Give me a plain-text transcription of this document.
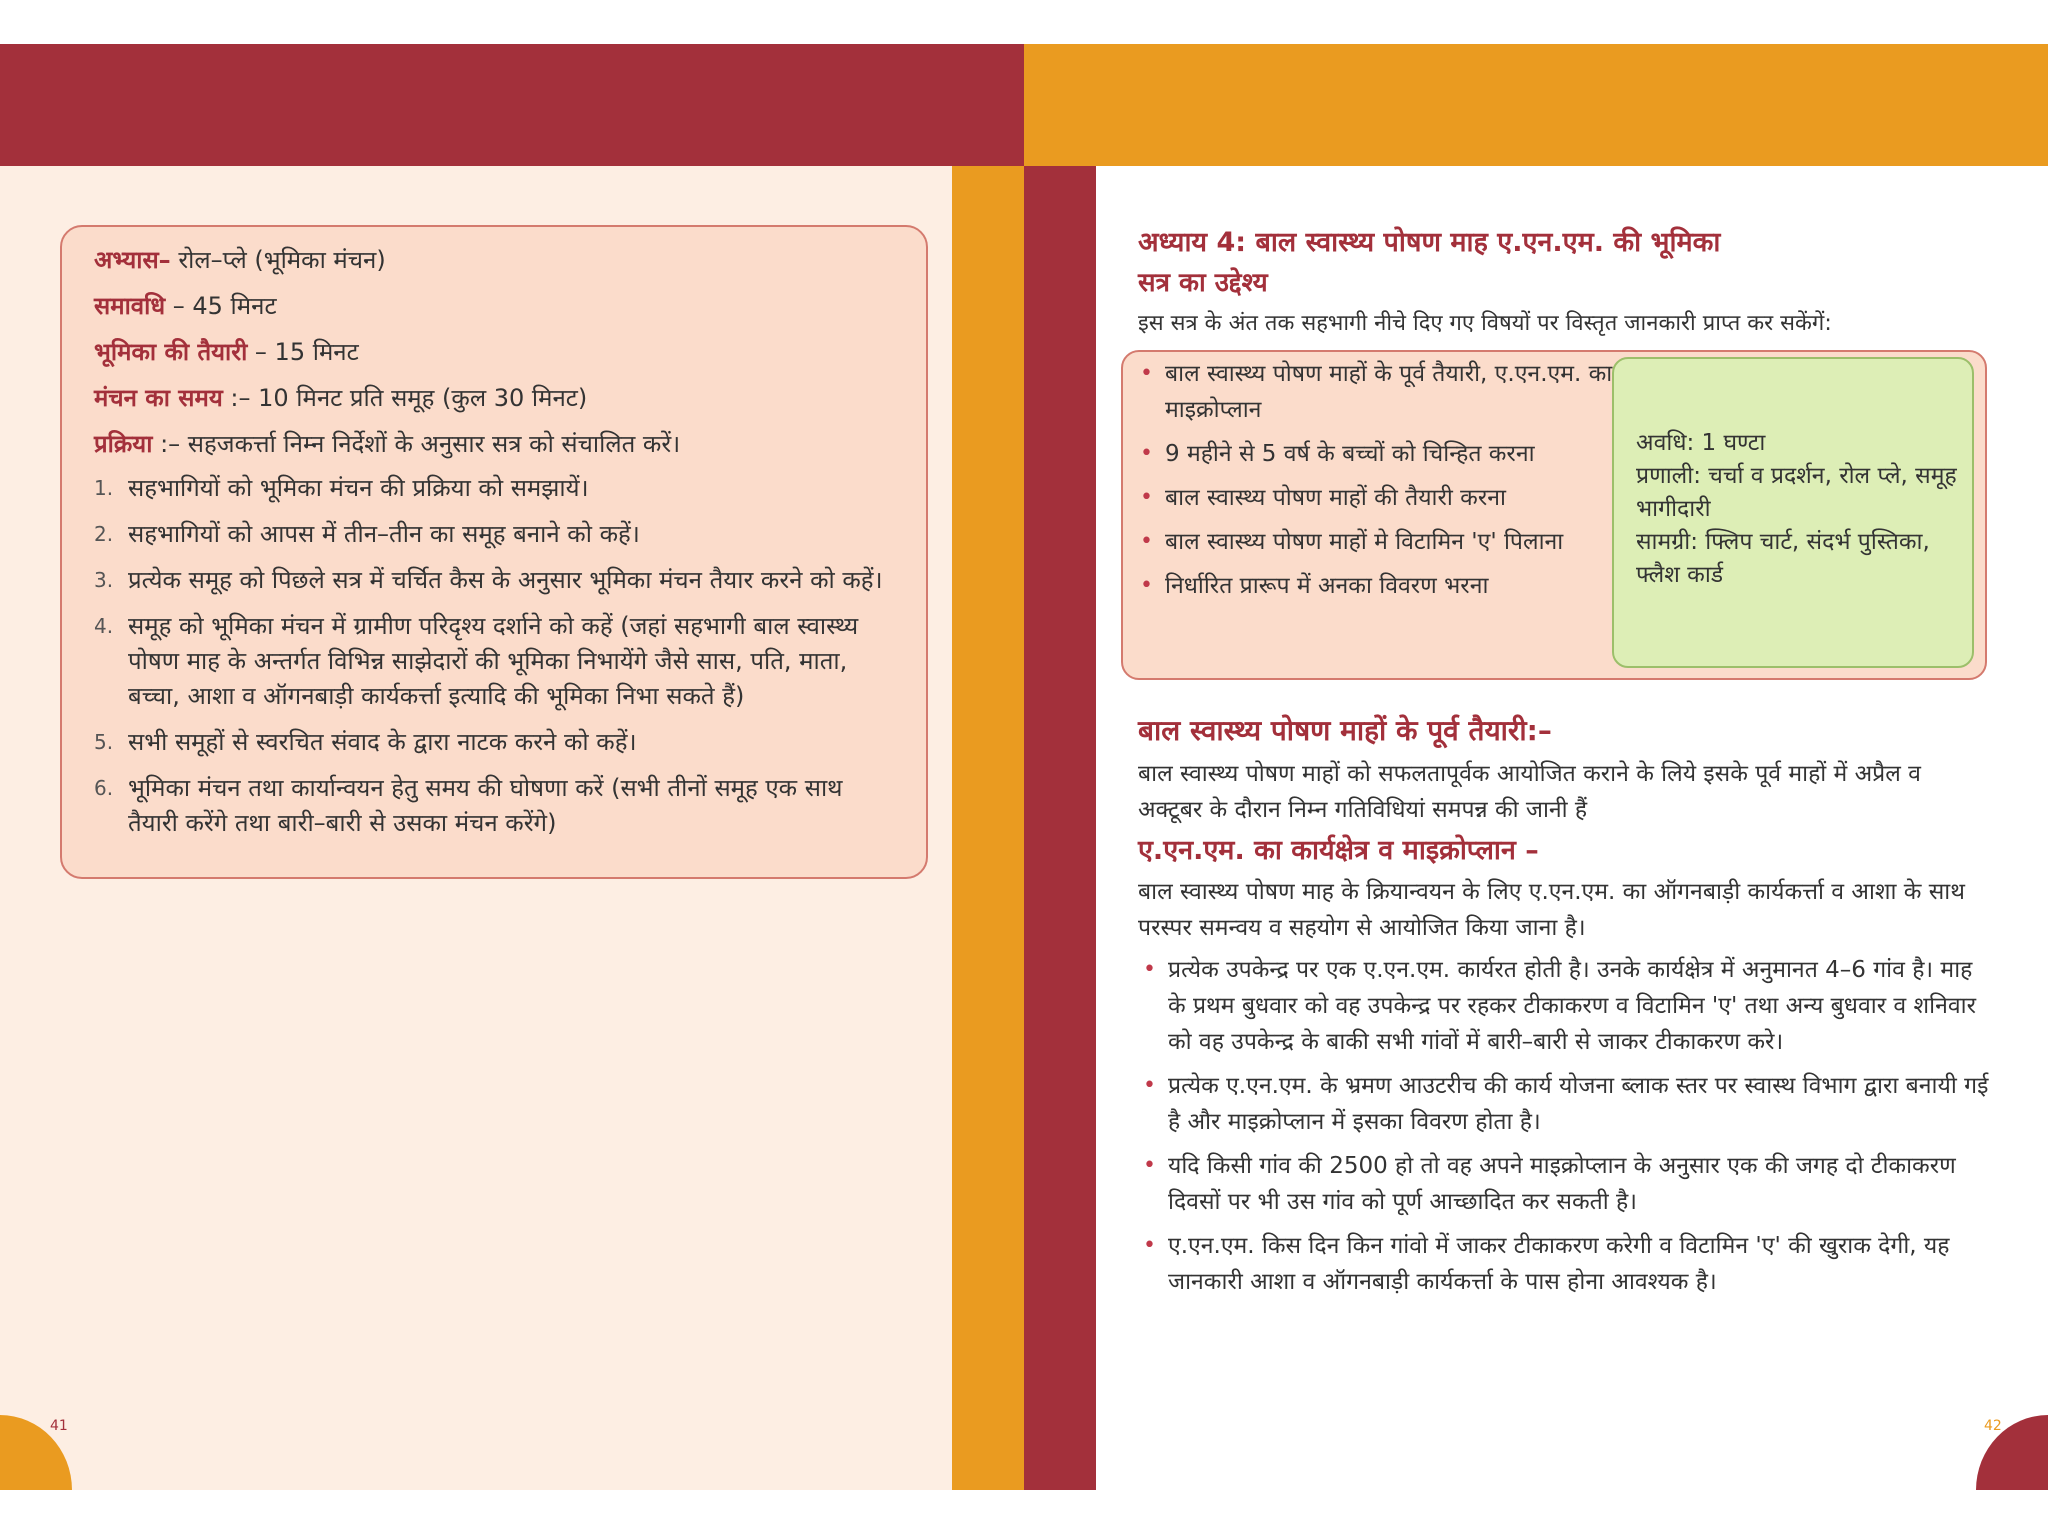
41	42
अभ्यास– रोल–प्ले (भूमिका मंचन)
समावधि – 45 मिनट
भूमिका की तैयारी – 15 मिनट
मंचन का समय :– 10 मिनट प्रति समूह (कुल 30 मिनट)
प्रक्रिया :– सहजकर्त्ता निम्न निर्देशों के अनुसार सत्र को संचालित करें।
1. सहभागियों को भूमिका मंचन की प्रक्रिया को समझायें।
2. सहभागियों को आपस में तीन–तीन का समूह बनाने को कहें।
3. प्रत्येक समूह को पिछले सत्र में चर्चित कैस के अनुसार भूमिका मंचन तैयार करने को कहें।
4. समूह को भूमिका मंचन में ग्रामीण परिदृश्य दर्शाने को कहें (जहां सहभागी बाल स्वास्थ्य पोषण माह के अन्तर्गत विभिन्न साझेदारों की भूमिका निभायेंगे जैसे सास, पति, माता, बच्चा, आशा व ऑगनबाड़ी कार्यकर्त्ता इत्यादि की भूमिका निभा सकते हैं)
5. सभी समूहों से स्वरचित संवाद के द्वारा नाटक करने को कहें।
6. भूमिका मंचन तथा कार्यान्वयन हेतु समय की घोषणा करें (सभी तीनों समूह एक साथ तैयारी करेंगे तथा बारी–बारी से उसका मंचन करेंगे)
अध्याय 4: बाल स्वास्थ्य पोषण माह ए.एन.एम. की भूमिका
सत्र का उद्देश्य
इस सत्र के अंत तक सहभागी नीचे दिए गए विषयों पर विस्तृत जानकारी प्राप्त कर सकेंगें:
• बाल स्वास्थ्य पोषण माहों के पूर्व तैयारी, ए.एन.एम. का माइक्रोप्लान
• 9 महीने से 5 वर्ष के बच्चों को चिन्हित करना
• बाल स्वास्थ्य पोषण माहों की तैयारी करना
• बाल स्वास्थ्य पोषण माहों मे विटामिन 'ए' पिलाना
• निर्धारित प्रारूप में अनका विवरण भरना
अवधि: 1 घण्टा
प्रणाली: चर्चा व प्रदर्शन, रोल प्ले, समूह भागीदारी
सामग्री: फ्लिप चार्ट, संदर्भ पुस्तिका, फ्लैश कार्ड
बाल स्वास्थ्य पोषण माहों के पूर्व तैयारी:–
बाल स्वास्थ्य पोषण माहों को सफलतापूर्वक आयोजित कराने के लिये इसके पूर्व माहों में अप्रैल व अक्टूबर के दौरान निम्न गतिविधियां समपन्न की जानी हैं
ए.एन.एम. का कार्यक्षेत्र व माइक्रोप्लान –
बाल स्वास्थ्य पोषण माह के क्रियान्वयन के लिए ए.एन.एम. का ऑगनबाड़ी कार्यकर्त्ता व आशा के साथ परस्पर समन्वय व सहयोग से आयोजित किया जाना है।
• प्रत्येक उपकेन्द्र पर एक ए.एन.एम. कार्यरत होती है। उनके कार्यक्षेत्र में अनुमानत 4–6 गांव है। माह के प्रथम बुधवार को वह उपकेन्द्र पर रहकर टीकाकरण व विटामिन 'ए' तथा अन्य बुधवार व शनिवार को वह उपकेन्द्र के बाकी सभी गांवों में बारी–बारी से जाकर टीकाकरण करे।
• प्रत्येक ए.एन.एम. के भ्रमण आउटरीच की कार्य योजना ब्लाक स्तर पर स्वास्थ विभाग द्वारा बनायी गई है और माइक्रोप्लान में इसका विवरण होता है।
• यदि किसी गांव की 2500 हो तो वह अपने माइक्रोप्लान के अनुसार एक की जगह दो टीकाकरण दिवसों पर भी उस गांव को पूर्ण आच्छादित कर सकती है।
• ए.एन.एम. किस दिन किन गांवो में जाकर टीकाकरण करेगी व विटामिन 'ए' की खुराक देगी, यह जानकारी आशा व ऑगनबाड़ी कार्यकर्त्ता के पास होना आवश्यक है।
